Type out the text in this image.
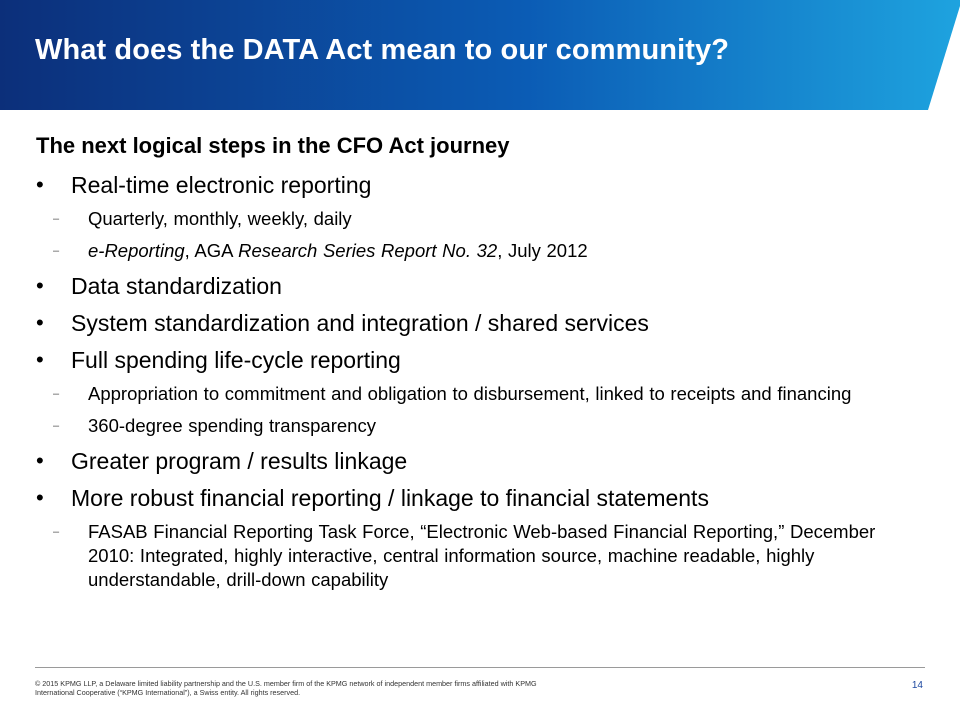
What does the DATA Act mean to our community?
The next logical steps in the CFO Act journey
• Real-time electronic reporting
– Quarterly, monthly, weekly, daily
– e-Reporting, AGA Research Series Report No. 32, July 2012
• Data standardization
• System standardization and integration / shared services
• Full spending life-cycle reporting
– Appropriation to commitment and obligation to disbursement, linked to receipts and financing
– 360-degree spending transparency
• Greater program / results linkage
• More robust financial reporting / linkage to financial statements
– FASAB Financial Reporting Task Force, “Electronic Web-based Financial Reporting,” December 2010: Integrated, highly interactive, central information source, machine readable, highly understandable, drill-down capability
© 2015 KPMG LLP, a Delaware limited liability partnership and the U.S. member firm of the KPMG network of independent member firms affiliated with KPMG International Cooperative (“KPMG International”), a Swiss entity. All rights reserved.
14
